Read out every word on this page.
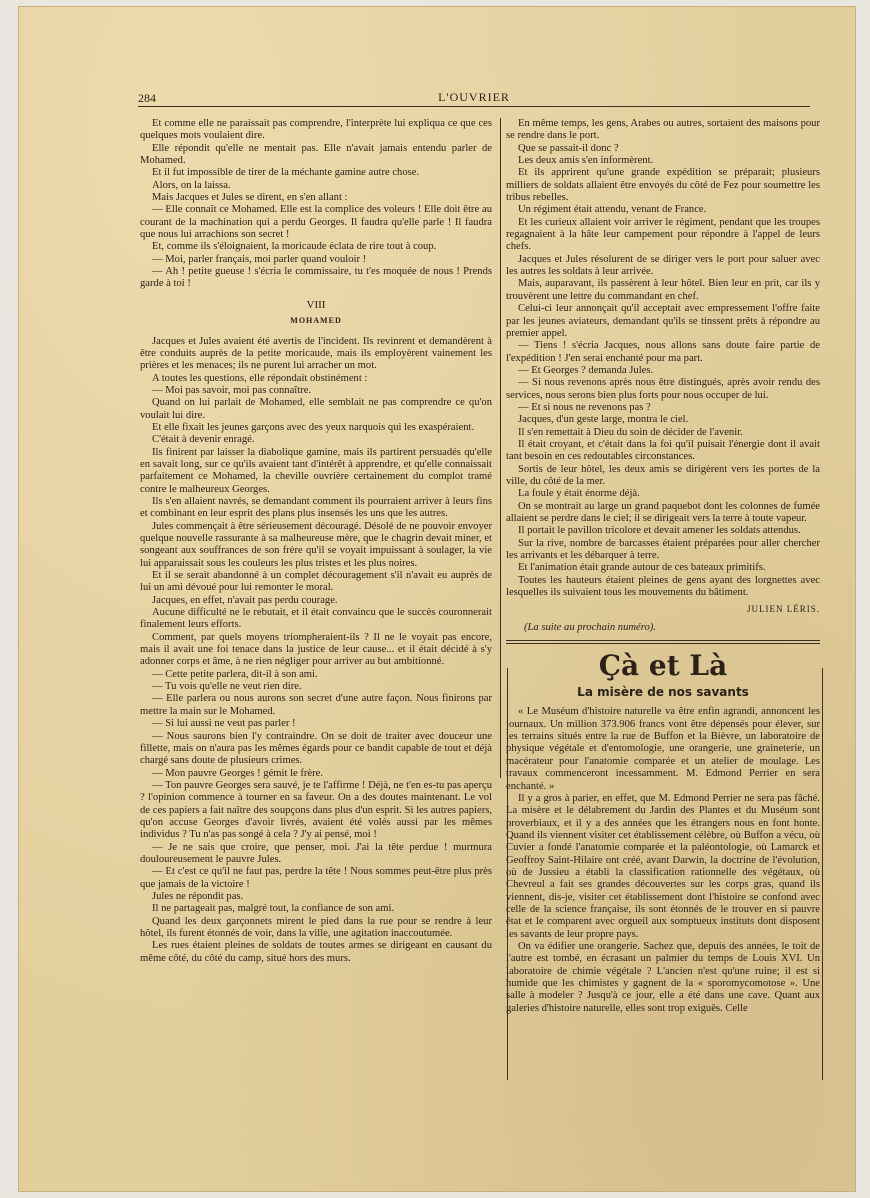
284	L'OUVRIER

Et comme elle ne paraissait pas comprendre, l'interprète lui expliqua ce que ces quelques mots voulaient dire.

Elle répondit qu'elle ne mentait pas. Elle n'avait jamais entendu parler de Mohamed.

Et il fut impossible de tirer de la méchante gamine autre chose.

Alors, on la laissa.

Mais Jacques et Jules se dirent, en s'en allant :

— Elle connaît ce Mohamed. Elle est la complice des voleurs ! Elle doit être au courant de la machination qui a perdu Georges. Il faudra qu'elle parle ! Il faudra que nous lui arrachions son secret !

Et, comme ils s'éloignaient, la moricaude éclata de rire tout à coup.

— Moi, parler français, moi parler quand vouloir !

— Ah ! petite gueuse ! s'écria le commissaire, tu t'es moquée de nous ! Prends garde à toi !

VIII

MOHAMED

Jacques et Jules avaient été avertis de l'incident. Ils revinrent et demandèrent à être conduits auprès de la petite moricaude, mais ils employèrent vainement les prières et les menaces; ils ne purent lui arracher un mot.

A toutes les questions, elle répondait obstinément :

— Moi pas savoir, moi pas connaître.

Quand on lui parlait de Mohamed, elle semblait ne pas comprendre ce qu'on voulait lui dire.

Et elle fixait les jeunes garçons avec des yeux narquois qui les exaspéraient.

C'était à devenir enragé.

Ils finirent par laisser la diabolique gamine, mais ils partirent persuadés qu'elle en savait long, sur ce qu'ils avaient tant d'intérêt à apprendre, et qu'elle connaissait parfaitement ce Mohamed, la cheville ouvrière certainement du complot tramé contre le malheureux Georges.

Ils s'en allaient navrés, se demandant comment ils pourraient arriver à leurs fins et combinant en leur esprit des plans plus insensés les uns que les autres.

Jules commençait à être sérieusement découragé. Désolé de ne pouvoir envoyer quelque nouvelle rassurante à sa malheureuse mère, que le chagrin devait miner, et songeant aux souffrances de son frère qu'il se voyait impuissant à soulager, la vie lui apparaissait sous les couleurs les plus tristes et les plus noires.

Et il se serait abandonné à un complet découragement s'il n'avait eu auprès de lui un ami dévoué pour lui remonter le moral.

Jacques, en effet, n'avait pas perdu courage.

Aucune difficulté ne le rebutait, et il était convaincu que le succès couronnerait finalement leurs efforts.

Comment, par quels moyens triompheraient-ils ? Il ne le voyait pas encore, mais il avait une foi tenace dans la justice de leur cause... et il était décidé à s'y adonner corps et âme, à ne rien négliger pour arriver au but ambitionné.

— Cette petite parlera, dit-il à son ami.

— Tu vois qu'elle ne veut rien dire.

— Elle parlera ou nous aurons son secret d'une autre façon. Nous finirons par mettre la main sur le Mohamed.

— Si lui aussi ne veut pas parler !

— Nous saurons bien l'y contraindre. On se doit de traiter avec douceur une fillette, mais on n'aura pas les mêmes égards pour ce bandit capable de tout et déjà chargé sans doute de plusieurs crimes.

— Mon pauvre Georges ! gémit le frère.

— Ton pauvre Georges sera sauvé, je te l'affirme ! Déjà, ne t'en es-tu pas aperçu ? l'opinion commence à tourner en sa faveur. On a des doutes maintenant. Le vol de ces papiers a fait naître des soupçons dans plus d'un esprit. Si les autres papiers, qu'on accuse Georges d'avoir livrés, avaient été volés aussi par les mêmes individus ? Tu n'as pas songé à cela ? J'y ai pensé, moi !

— Je ne sais que croire, que penser, moi. J'ai la tête perdue ! murmura douloureusement le pauvre Jules.

— Et c'est ce qu'il ne faut pas, perdre la tête ! Nous sommes peut-être plus près que jamais de la victoire !

Jules ne répondit pas.

Il ne partageait pas, malgré tout, la confiance de son ami.

Quand les deux garçonnets mirent le pied dans la rue pour se rendre à leur hôtel, ils furent étonnés de voir, dans la ville, une agitation inaccoutumée.

Les rues étaient pleines de soldats de toutes armes se dirigeant en causant du même côté, du côté du camp, situé hors des murs.

En même temps, les gens, Arabes ou autres, sortaient des maisons pour se rendre dans le port.

Que se passait-il donc ?

Les deux amis s'en informèrent.

Et ils apprirent qu'une grande expédition se préparait; plusieurs milliers de soldats allaient être envoyés du côté de Fez pour soumettre les tribus rebelles.

Un régiment était attendu, venant de France.

Et les curieux allaient voir arriver le régiment, pendant que les troupes regagnaient à la hâte leur campement pour répondre à l'appel de leurs chefs.

Jacques et Jules résolurent de se diriger vers le port pour saluer avec les autres les soldats à leur arrivée.

Mais, auparavant, ils passèrent à leur hôtel. Bien leur en prit, car ils y trouvèrent une lettre du commandant en chef.

Celui-ci leur annonçait qu'il acceptait avec empressement l'offre faite par les jeunes aviateurs, demandant qu'ils se tinssent prêts à répondre au premier appel.

— Tiens ! s'écria Jacques, nous allons sans doute faire partie de l'expédition ! J'en serai enchanté pour ma part.

— Et Georges ? demanda Jules.

— Si nous revenons après nous être distingués, après avoir rendu des services, nous serons bien plus forts pour nous occuper de lui.

— Et si nous ne revenons pas ?

Jacques, d'un geste large, montra le ciel.

Il s'en remettait à Dieu du soin de décider de l'avenir.

Il était croyant, et c'était dans la foi qu'il puisait l'énergie dont il avait tant besoin en ces redoutables circonstances.

Sortis de leur hôtel, les deux amis se dirigèrent vers les portes de la ville, du côté de la mer.

La foule y était énorme déjà.

On se montrait au large un grand paquebot dont les colonnes de fumée allaient se perdre dans le ciel; il se dirigeait vers la terre à toute vapeur.

Il portait le pavillon tricolore et devait amener les soldats attendus.

Sur la rive, nombre de barcasses étaient préparées pour aller chercher les arrivants et les débarquer à terre.

Et l'animation était grande autour de ces bateaux primitifs.

Toutes les hauteurs étaient pleines de gens ayant des lorgnettes avec lesquelles ils suivaient tous les mouvements du bâtiment.

JULIEN LÉRIS.

(La suite au prochain numéro).

Çà et Là

La misère de nos savants

« Le Muséum d'histoire naturelle va être enfin agrandi, annoncent les journaux. Un million 373.906 francs vont être dépensés pour élever, sur les terrains situés entre la rue de Buffon et la Bièvre, un laboratoire de physique végétale et d'entomologie, une orangerie, une graineterie, un macérateur pour l'anatomie comparée et un atelier de moulage. Les travaux commenceront incessamment. M. Edmond Perrier en sera enchanté. »

Il y a gros à parier, en effet, que M. Edmond Perrier ne sera pas fâché. La misère et le délabrement du Jardin des Plantes et du Muséum sont proverbiaux, et il y a des années que les étrangers nous en font honte. Quand ils viennent visiter cet établissement célèbre, où Buffon a vécu, où Cuvier a fondé l'anatomie comparée et la paléontologie, où Lamarck et Geoffroy Saint-Hilaire ont créé, avant Darwin, la doctrine de l'évolution, où de Jussieu a établi la classification rationnelle des végétaux, où Chevreul a fait ses grandes découvertes sur les corps gras, quand ils viennent, dis-je, visiter cet établissement dont l'histoire se confond avec celle de la science française, ils sont étonnés de le trouver en si pauvre état et le comparent avec orgueil aux somptueux instituts dont disposent les savants de leur propre pays.

On va édifier une orangerie. Sachez que, depuis des années, le toit de l'autre est tombé, en écrasant un palmier du temps de Louis XVI. Un laboratoire de chimie végétale ? L'ancien n'est qu'une ruine; il est si humide que les chimistes y gagnent de la « sporomycomotose ». Une salle à modeler ? Jusqu'à ce jour, elle a été dans une cave. Quant aux galeries d'histoire naturelle, elles sont trop exiguës. Celle
